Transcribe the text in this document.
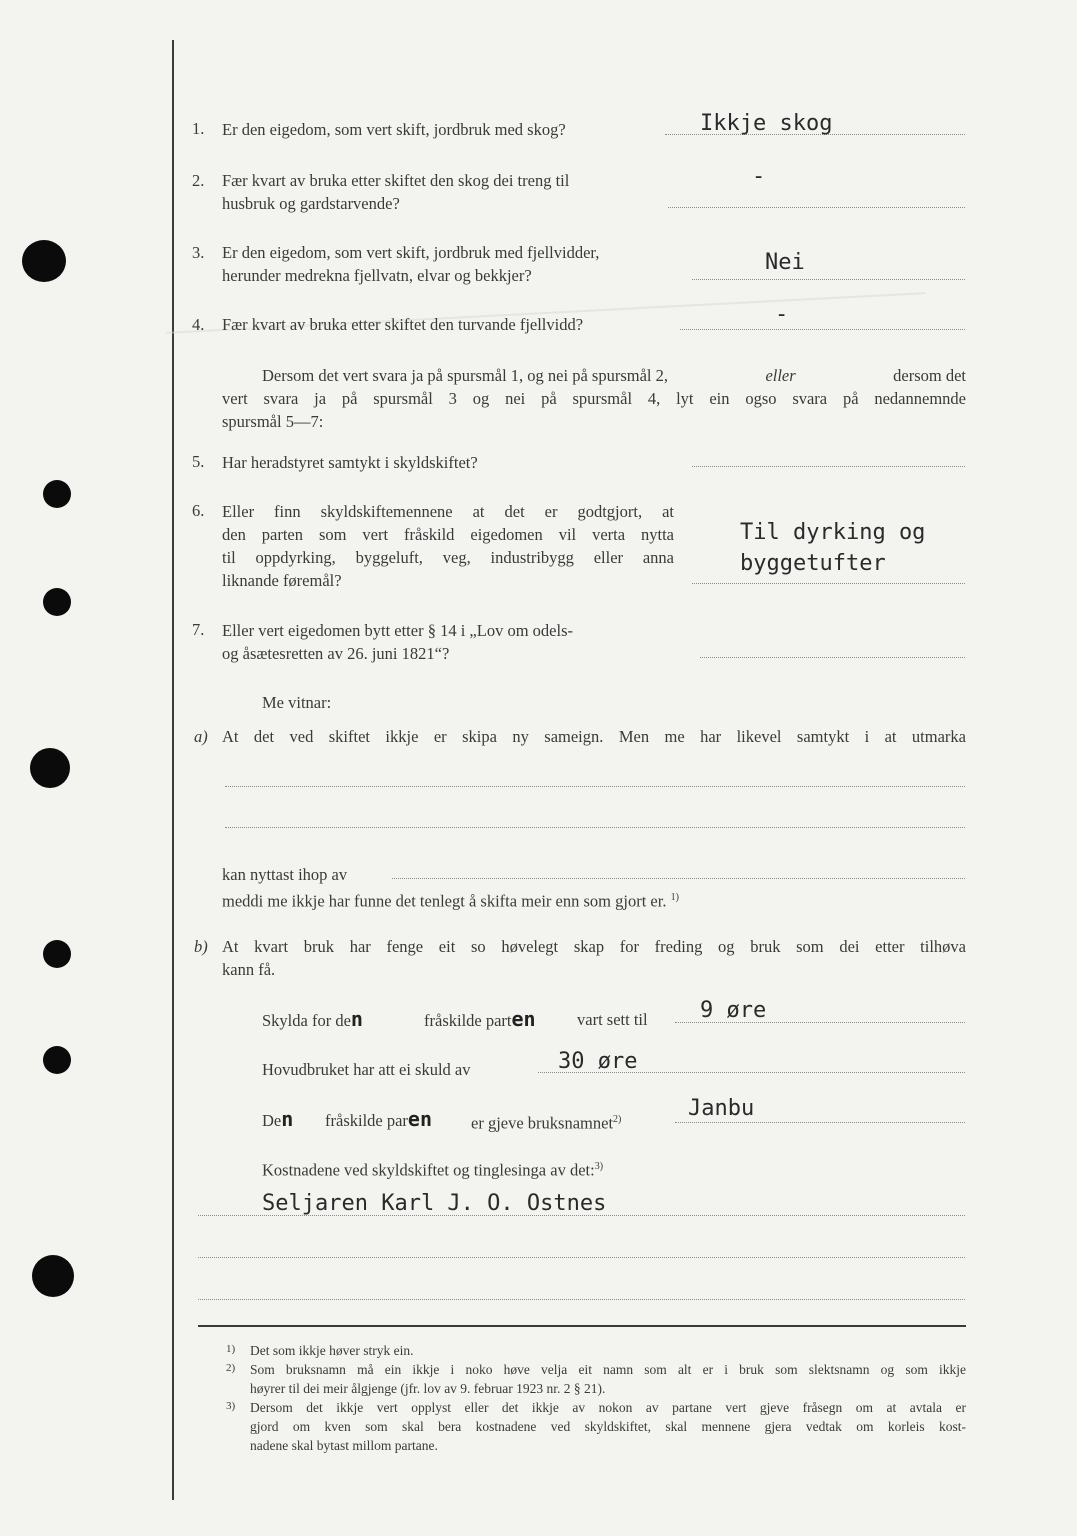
1. Er den eigedom, som vert skift, jordbruk med skog?	Ikkje skog
2. Fær kvart av bruka etter skiftet den skog dei treng til
husbruk og gardstarvende?
-
3. Er den eigedom, som vert skift, jordbruk med fjellvidder,
herunder medrekna fjellvatn, elvar og bekkjer?
Nei
4. Fær kvart av bruka etter skiftet den turvande fjellvidd?	-
Dersom det vert svara ja på spursmål 1, og nei på spursmål 2,	eller	dersom det
vert svara ja på spursmål 3 og nei på spursmål 4, lyt ein ogso svara på nedannemnde
spursmål 5—7:
5. Har heradstyret samtykt i skyldskiftet?
6. Eller finn skyldskiftemennene at det er godtgjort, at
den parten som vert fråskild eigedomen vil verta nytta
til oppdyrking, byggeluft, veg, industribygg eller anna
liknande føremål?
Til dyrking og
byggetufter
7. Eller vert eigedomen bytt etter § 14 i „Lov om odels-
og åsætesretten av 26. juni 1821“?
Me vitnar:
a) At det ved skiftet ikkje er skipa ny sameign. Men me har likevel samtykt i at utmarka
kan nyttast ihop av
meddi me ikkje har funne det tenlegt å skifta meir enn som gjort er. $^{1)}$
b) At kvart bruk har fenge eit so høvelegt skap for freding og bruk som dei etter tilhøva
kann få.
Skylda for den	fråskilde parten	vart sett til 9 øre
Hovudbruket har att ei skuld av	30 øre
Den fråskilde paren er gjeve bruksnamnet$^{2)}$	Janbu
Kostnadene ved skyldskiftet og tinglesinga av det:$^{3)}$
Seljaren Karl J. O. Ostnes
1) Det som ikkje høver stryk ein.
2) Som bruksnamn må ein ikkje i noko høve velja eit namn som alt er i bruk som slektsnamn og som ikkje
høyrer til dei meir ålgjenge (jfr. lov av 9. februar 1923 nr. 2 § 21).
3) Dersom det ikkje vert opplyst eller det ikkje av nokon av partane vert gjeve fråsegn om at avtala er
gjord om kven som skal bera kostnadene ved skyldskiftet, skal mennene gjera vedtak om korleis kost-
nadene skal bytast millom partane.
